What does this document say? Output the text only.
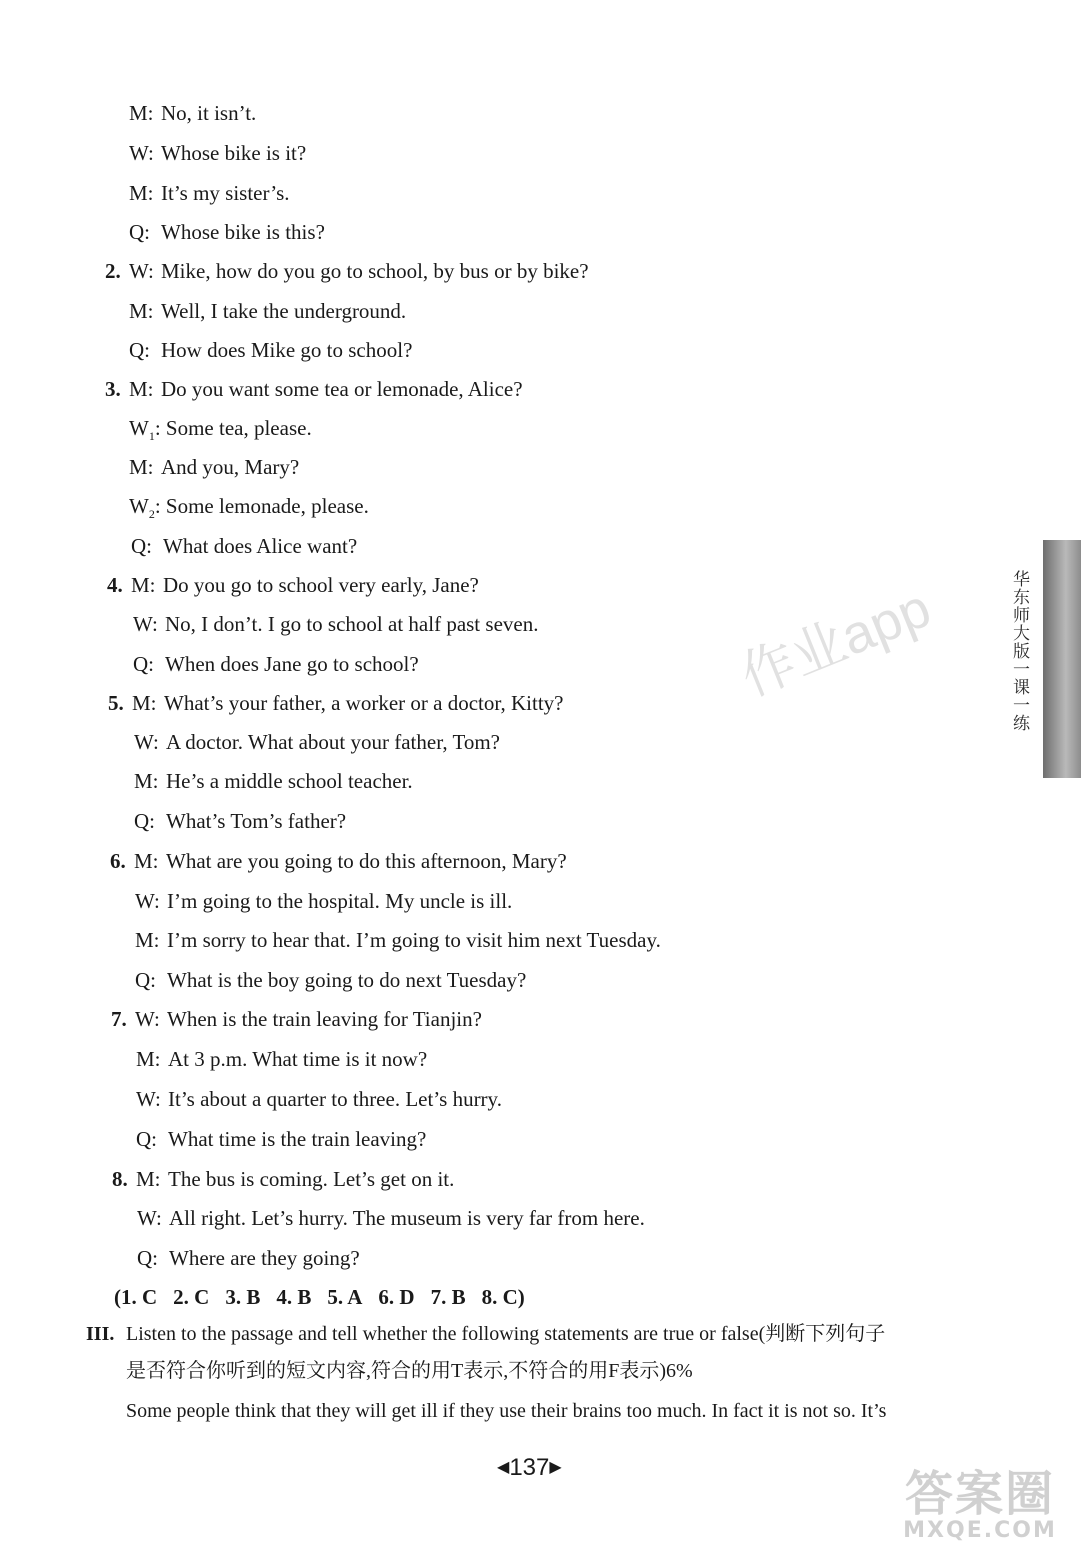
M: No, it isn’t.
W: Whose bike is it?
M: It’s my sister’s.
Q: Whose bike is this?
2. W: Mike, how do you go to school, by bus or by bike?
M: Well, I take the underground.
Q: How does Mike go to school?
3. M: Do you want some tea or lemonade, Alice?
$W_1$: Some tea, please.
M: And you, Mary?
$W_2$: Some lemonade, please.
Q: What does Alice want?
4. M: Do you go to school very early, Jane?
W: No, I don’t. I go to school at half past seven.
Q: When does Jane go to school?
5. M: What’s your father, a worker or a doctor, Kitty?
W: A doctor. What about your father, Tom?
M: He’s a middle school teacher.
Q: What’s Tom’s father?
6. M: What are you going to do this afternoon, Mary?
W: I’m going to the hospital. My uncle is ill.
M: I’m sorry to hear that. I’m going to visit him next Tuesday.
Q: What is the boy going to do next Tuesday?
7. W: When is the train leaving for Tianjin?
M: At 3 p.m. What time is it now?
W: It’s about a quarter to three. Let’s hurry.
Q: What time is the train leaving?
8. M: The bus is coming. Let’s get on it.
W: All right. Let’s hurry. The museum is very far from here.
Q: Where are they going?
(1. C 2. C 3. B 4. B 5. A 6. D 7. B 8. C)
III. Listen to the passage and tell whether the following statements are true or false(判断下列句子
是否符合你听到的短文内容,符合的用T表示,不符合的用F表示)6%
Some people think that they will get ill if they use their brains too much. In fact it is not so. It’s
华东师大版一课一练
作业app
◀137▶	答案圈
MXQE.COM
